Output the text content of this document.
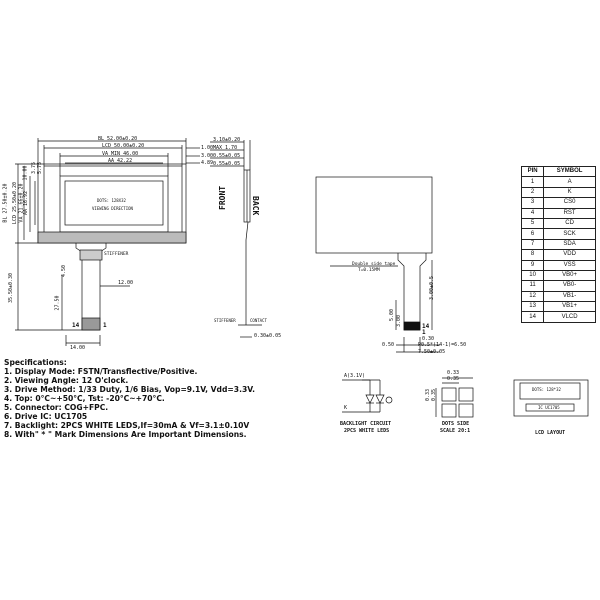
BL 52.00±0.20
LCD 50.00±0.20
VA MIN 46.00
AA 42.22
1.00
3.00
4.89
BL 27.50±0.20 LCD 25.50±0.20 VA 21.66±0.20
AA 16.92
10.00 3.75 5.75
DOTS: 128X32
VIEWING DIRECTION
STIFFENER
12.00
4.50
27.50
35.50±0.30
14	1
14.00
3.10±0.20
MAX 1.70
0.55±0.05
0.55±0.05
FRONT	BACK
STIFFENER	CONTACT
0.30±0.05
Double side tape
T=0.15MM
3.00±0.5
5.00 3.00	14
1
0.30
0.50	P0.5*(14-1)=6.50
7.50±0.05
PIN	SYMBOL
1	A
2	K
3	CS0
4	RST
5	CD
6	SCK
7	SDA
8	VDD
9	VSS
10	VB0+
11	VB0-
12	VB1-
13	VB1+
14	VLCD
Specifications:
1. Display Mode: FSTN/Transflective/Positive.
2. Viewing Angle: 12 O'clock.
3. Drive Method: 1/33 Duty, 1/6 Bias, Vop=9.1V, Vdd=3.3V.
4. Top: 0°C~+50°C, Tst: -20°C~+70°C.
5. Connector: COG+FPC.
6. Drive IC: UC1705
7. Backlight: 2PCS WHITE LEDS,If=30mA & Vf=3.1±0.10V
8. With" * " Mark Dimensions Are Important Dimensions.
A(3.1V)
K
BACKLIGHT CIRCUIT
2PCS WHITE LEDS
0.33
0.35
0.33 0.35
DOTS SIDE
SCALE 20:1
DOTS: 128*32
IC UC1705
LCD LAYOUT
